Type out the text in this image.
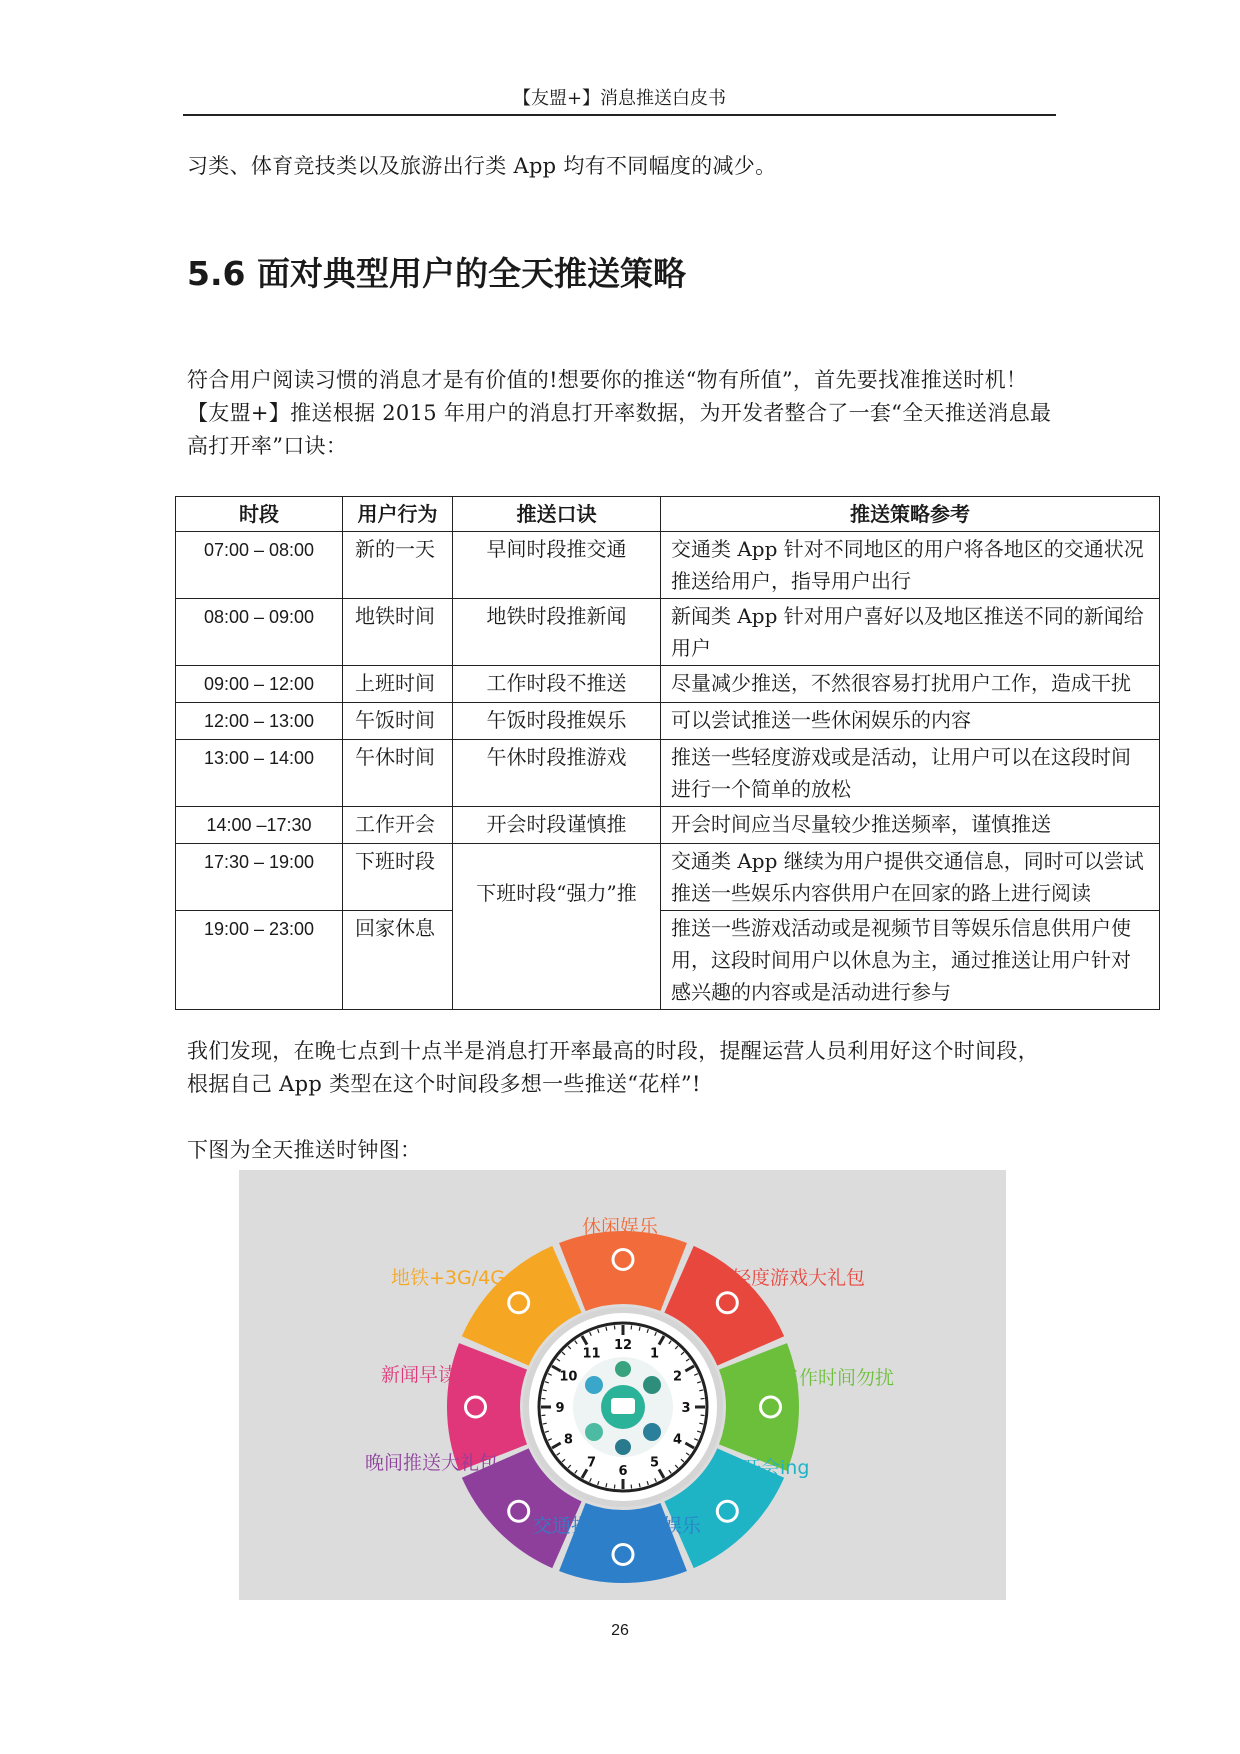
【友盟+】消息推送白皮书
习类、体育竞技类以及旅游出行类 App 均有不同幅度的减少。
5.6 面对典型用户的全天推送策略
符合用户阅读习惯的消息才是有价值的!想要你的推送“物有所值”，首先要找准推送时机！
【友盟+】推送根据 2015 年用户的消息打开率数据，为开发者整合了一套“全天推送消息最
高打开率”口诀：
时段	用户行为	推送口诀	推送策略参考
07:00 – 08:00	新的一天	早间时段推交通	交通类 App 针对不同地区的用户将各地区的交通状况推送给用户，指导用户出行
08:00 – 09:00	地铁时间	地铁时段推新闻	新闻类 App 针对用户喜好以及地区推送不同的新闻给用户
09:00 – 12:00	上班时间	工作时段不推送	尽量减少推送，不然很容易打扰用户工作，造成干扰
12:00 – 13:00	午饭时间	午饭时段推娱乐	可以尝试推送一些休闲娱乐的内容
13:00 – 14:00	午休时间	午休时段推游戏	推送一些轻度游戏或是活动，让用户可以在这段时间进行一个简单的放松
14:00 –17:30	工作开会	开会时段谨慎推	开会时间应当尽量较少推送频率，谨慎推送
17:30 – 19:00	下班时段	下班时段“强力”推	交通类 App 继续为用户提供交通信息，同时可以尝试推送一些娱乐内容供用户在回家的路上进行阅读
19:00 – 23:00	回家休息		推送一些游戏活动或是视频节目等娱乐信息供用户使用，这段时间用户以休息为主，通过推送让用户针对感兴趣的内容或是活动进行参与
我们发现，在晚七点到十点半是消息打开率最高的时段，提醒运营人员利用好这个时间段，
根据自己 App 类型在这个时间段多想一些推送“花样”!
下图为全天推送时钟图：
12
1
2
3
4
5
6
7
8
9
10
11
休闲娱乐
轻度游戏大礼包
工作时间勿扰
开会ing
交通指南+晚间娱乐
晚间推送大礼包
新闻早读
地铁+3G/4G
26
